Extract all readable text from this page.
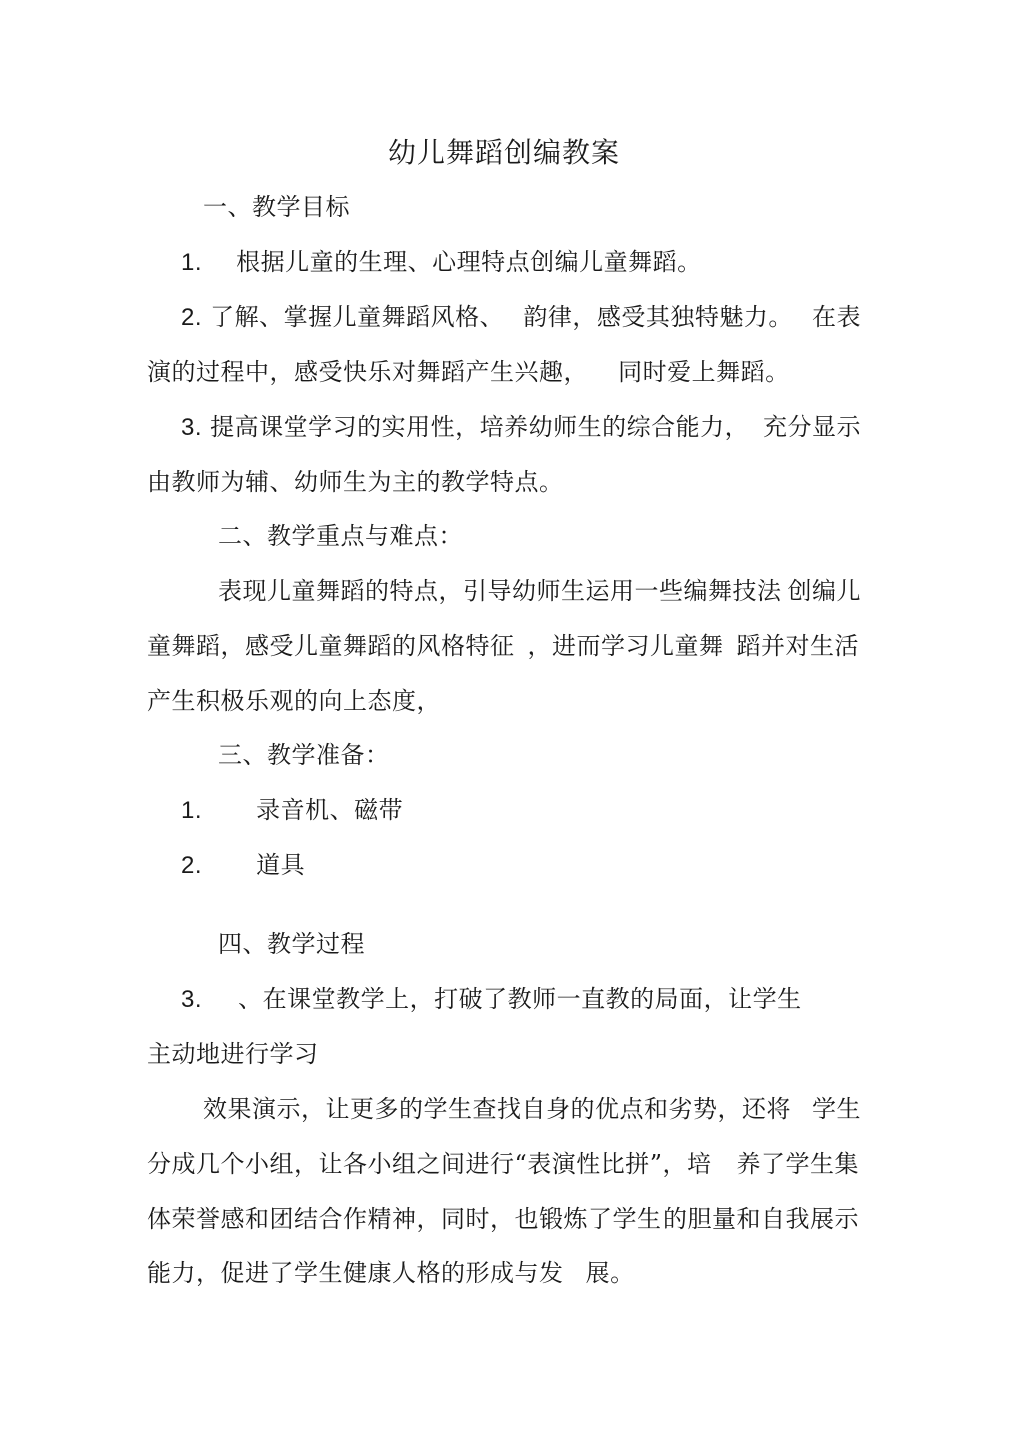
幼儿舞蹈创编教案
一、教学目标
1. 根据儿童的生理、心理特点创编儿童舞蹈。
2. 了解、掌握儿童舞蹈风格、 韵律，感受其独特魅力。 在表
演的过程中，感受快乐对舞蹈产生兴趣， 同时爱上舞蹈。
3. 提高课堂学习的实用性，培养幼师生的综合能力， 充分显示
由教师为辅、幼师生为主的教学特点。
二、教学重点与难点：
表现儿童舞蹈的特点，引导幼师生运用一些编舞技法 创编儿
童舞蹈，感受儿童舞蹈的风格特征 ，进而学习儿童舞 蹈并对生活
产生积极乐观的向上态度，
三、教学准备：
1. 录音机、磁带
2. 道具
四、教学过程
3. 、在课堂教学上，打破了教师一直教的局面，让学生
主动地进行学习
效果演示，让更多的学生查找自身的优点和劣势，还将 学生
分成几个小组，让各小组之间进行“表演性比拼”，培 养了学生集
体荣誉感和团结合作精神，同时，也锻炼了学生 的胆量和自我展示
能力，促进了学生健康人格的形成与发 展。
